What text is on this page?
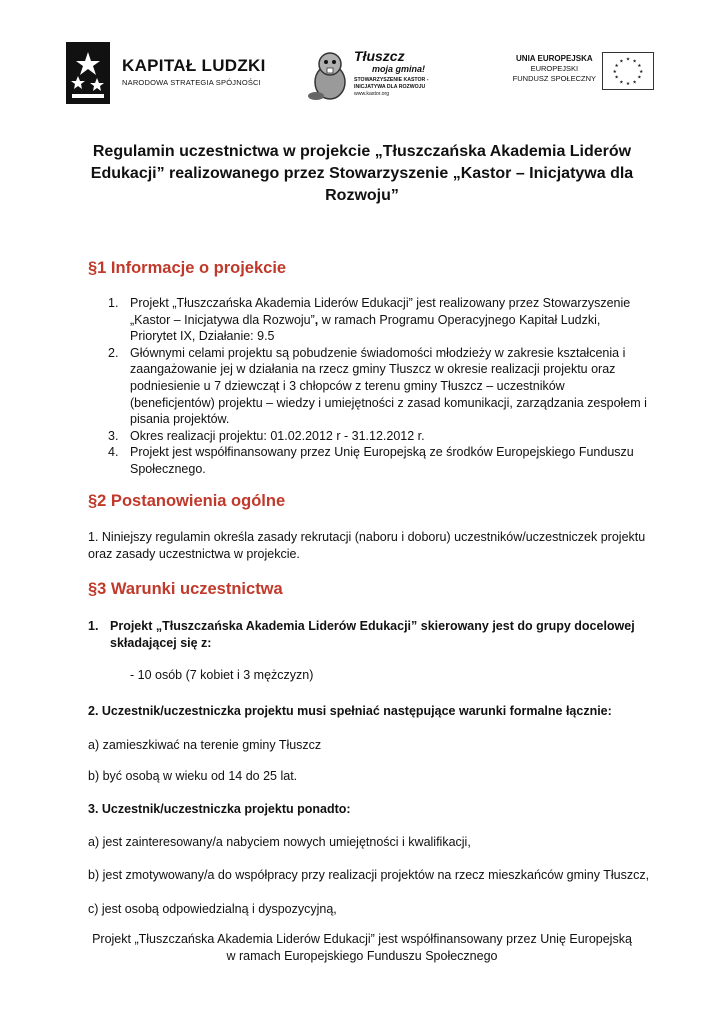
KAPITAŁ LUDZKI
NARODOWA STRATEGIA SPÓJNOŚCI
Tłuszcz
moja gmina!
STOWARZYSZENIE KASTOR -
INICJATYWA DLA ROZWOJU
www.kastor.org
UNIA EUROPEJSKA
EUROPEJSKI
FUNDUSZ SPOŁECZNY
★ ★
★
★
★
★
★
★
★
★
★
★
Regulamin uczestnictwa w projekcie „Tłuszczańska Akademia Liderów Edukacji” realizowanego przez Stowarzyszenie „Kastor – Inicjatywa dla Rozwoju”
§1 Informacje o projekcie
1. Projekt „Tłuszczańska Akademia Liderów Edukacji” jest realizowany przez Stowarzyszenie „Kastor – Inicjatywa dla Rozwoju”, w ramach Programu Operacyjnego Kapitał Ludzki, Priorytet IX, Działanie: 9.5
2. Głównymi celami projektu są pobudzenie świadomości młodzieży w zakresie kształcenia i zaangażowanie jej w działania na rzecz gminy Tłuszcz w okresie realizacji projektu oraz podniesienie u 7 dziewcząt i 3 chłopców z terenu gminy Tłuszcz – uczestników (beneficjentów) projektu – wiedzy i umiejętności z zasad komunikacji, zarządzania zespołem i pisania projektów.
3. Okres realizacji projektu: 01.02.2012 r - 31.12.2012 r.
4. Projekt jest współfinansowany przez Unię Europejską ze środków Europejskiego Funduszu Społecznego.
§2 Postanowienia ogólne

1. Niniejszy regulamin określa zasady rekrutacji (naboru i doboru) uczestników/uczestniczek projektu oraz zasady uczestnictwa w projekcie.

§3 Warunki uczestnictwa
1. Projekt „Tłuszczańska Akademia Liderów Edukacji” skierowany jest do grupy docelowej składającej się z:

- 10 osób (7 kobiet i 3 mężczyzn)

2. Uczestnik/uczestniczka projektu musi spełniać następujące warunki formalne łącznie:

a) zamieszkiwać na terenie gminy Tłuszcz

b) być osobą w wieku od 14 do 25 lat.

3. Uczestnik/uczestniczka projektu ponadto:

a) jest zainteresowany/a nabyciem nowych umiejętności i kwalifikacji,

b) jest zmotywowany/a do współpracy przy realizacji projektów na rzecz mieszkańców gminy Tłuszcz,

c) jest osobą odpowiedzialną i dyspozycyjną,

Projekt „Tłuszczańska Akademia Liderów Edukacji” jest współfinansowany przez Unię Europejską
w ramach Europejskiego Funduszu Społecznego
